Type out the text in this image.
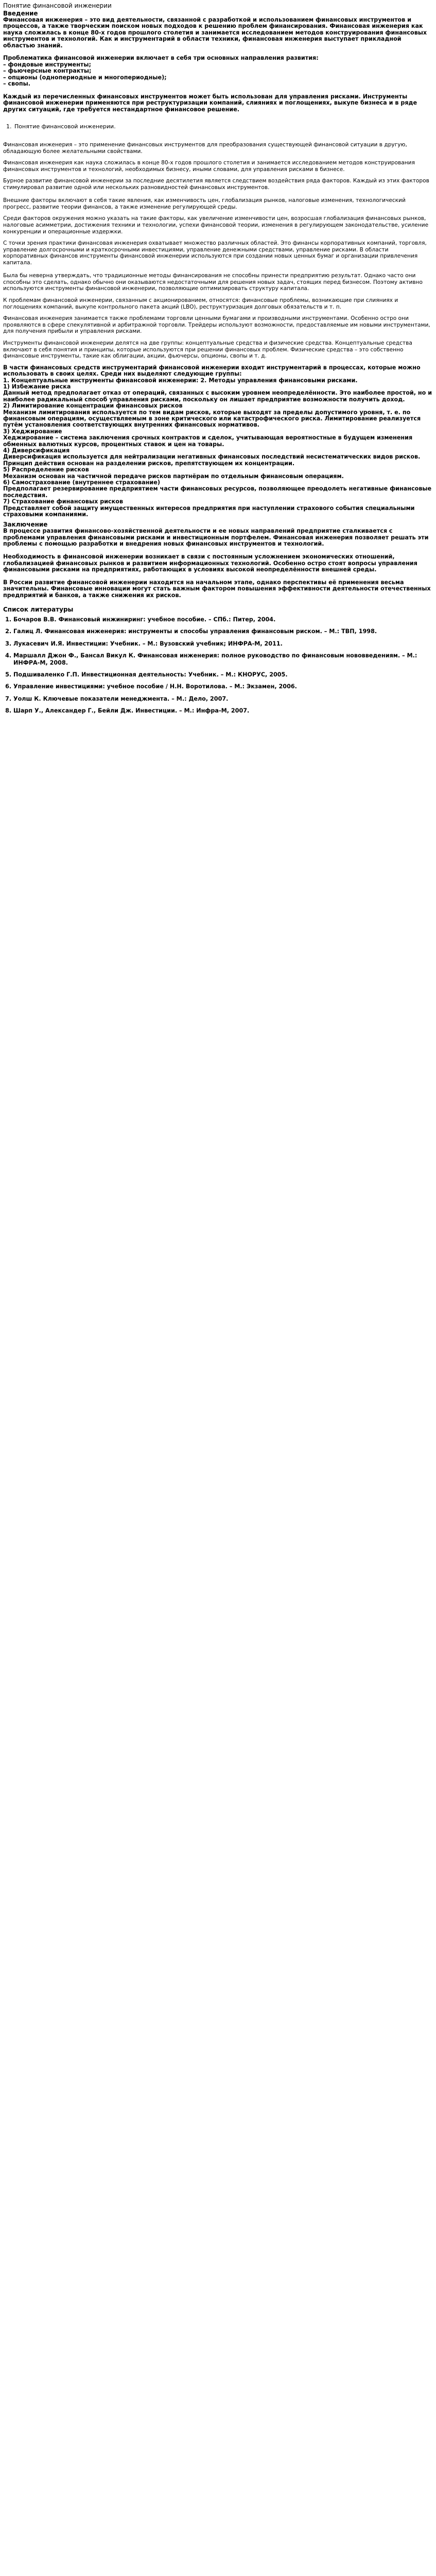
Понятие финансовой инженерии

Введение

Финансовая инженерия – это вид деятельности, связанной с разработкой и использованием финансовых инструментов и процессов, а также творческим поиском новых подходов к решению проблем финансирования. Финансовая инженерия как наука сложилась в конце 80-х годов прошлого столетия и занимается исследованием методов конструирования финансовых инструментов и технологий. Как и инструментарий в области техники, финансовая инженерия выступает прикладной областью знаний.

Проблематика финансовой инженерии включает в себя три основных направления развития:
– фондовые инструменты;
– фьючерсные контракты;
– опционы (однопериодные и многопериодные);
– свопы.

Каждый из перечисленных финансовых инструментов может быть использован для управления рисками. Инструменты финансовой инженерии применяются при реструктуризации компаний, слияниях и поглощениях, выкупе бизнеса и в ряде других ситуаций, где требуется нестандартное финансовое решение.

1. Понятие финансовой инженерии.

Финансовая инженерия – это применение финансовых инструментов для преобразования существующей финансовой ситуации в другую, обладающую более желательными свойствами.

Финансовая инженерия как наука сложилась в конце 80-х годов прошлого столетия и занимается исследованием методов конструирования финансовых инструментов и технологий, необходимых бизнесу, иными словами, для управления рисками в бизнесе.

Бурное развитие финансовой инженерии за последние десятилетия является следствием воздействия ряда факторов. Каждый из этих факторов стимулировал развитие одной или нескольких разновидностей финансовых инструментов.

Внешние факторы включают в себя такие явления, как изменчивость цен, глобализация рынков, налоговые изменения, технологический прогресс, развитие теории финансов, а также изменение регулирующей среды.

Среди факторов окружения можно указать на такие факторы, как увеличение изменчивости цен, возросшая глобализация финансовых рынков, налоговые асимметрии, достижения техники и технологии, успехи финансовой теории, изменения в регулирующем законодательстве, усиление конкуренции и операционные издержки.

С точки зрения практики финансовая инженерия охватывает множество различных областей. Это финансы корпоративных компаний, торговля, управление долгосрочными и краткосрочными инвестициями, управление денежными средствами, управление рисками. В области корпоративных финансов инструменты финансовой инженерии используются при создании новых ценных бумаг и организации привлечения капитала.

Была бы невернa утверждать, что традиционные методы финансирования не способны принести предприятию результат. Однако часто они способны это сделать, однако обычно они оказываются недостаточными для решения новых задач, стоящих перед бизнесом. Поэтому активно используются инструменты финансовой инженерии, позволяющие оптимизировать структуру капитала.

К проблемам финансовой инженерии, связанным с акционированием, относятся: финансовые проблемы, возникающие при слияниях и поглощениях компаний, выкупе контрольного пакета акций (LBO), реструктуризация долговых обязательств и т. п.

Финансовая инженерия занимается также проблемами торговли ценными бумагами и производными инструментами. Особенно остро они проявляются в сфере спекулятивной и арбитражной торговли. Трейдеры используют возможности, предоставляемые им новыми инструментами, для получения прибыли и управления рисками.

Инструменты финансовой инженерии делятся на две группы: концептуальные средства и физические средства. Концептуальные средства включают в себя понятия и принципы, которые используются при решении финансовых проблем. Физические средства – это собственно финансовые инструменты, такие как облигации, акции, фьючерсы, опционы, свопы и т. д.

В части финансовых средств инструментарий финансовой инженерии входит инструментарий в процессах, которые можно использовать в своих целях. Среди них выделяют следующие группы:
1. Концептуальные инструменты финансовой инженерии: 2. Методы управления финансовыми рисками.
1) Избежание риска
Данный метод предполагает отказ от операций, связанных с высоким уровнем неопределённости. Это наиболее простой, но и наиболее радикальный способ управления рисками, поскольку он лишает предприятие возможности получить доход.
2) Лимитирование концентрации финансовых рисков
Механизм лимитирования используется по тем видам рисков, которые выходят за пределы допустимого уровня, т. е. по финансовым операциям, осуществляемым в зоне критического или катастрофического риска. Лимитирование реализуется путём установления соответствующих внутренних финансовых нормативов.
3) Хеджирование
Хеджирование – система заключения срочных контрактов и сделок, учитывающая вероятностные в будущем изменения обменных валютных курсов, процентных ставок и цен на товары.
4) Диверсификация
Диверсификация используется для нейтрализации негативных финансовых последствий несистематических видов рисков. Принцип действия основан на разделении рисков, препятствующем их концентрации.
5) Распределение рисков
Механизм основан на частичной передаче рисков партнёрам по отдельным финансовым операциям.
6) Самострахование (внутреннее страхование)
Предполагает резервирование предприятием части финансовых ресурсов, позволяющее преодолеть негативные финансовые последствия.
7) Страхование финансовых рисков
Представляет собой защиту имущественных интересов предприятия при наступлении страхового события специальными страховыми компаниями.

Заключение

В процессе развития финансово-хозяйственной деятельности и ее новых направлений предприятие сталкивается с проблемами управления финансовыми рисками и инвестиционным портфелем. Финансовая инженерия позволяет решать эти проблемы с помощью разработки и внедрения новых финансовых инструментов и технологий.

Необходимость в финансовой инженерии возникает в связи с постоянным усложнением экономических отношений, глобализацией финансовых рынков и развитием информационных технологий. Особенно остро стоят вопросы управления финансовыми рисками на предприятиях, работающих в условиях высокой неопределённости внешней среды.

В России развитие финансовой инженерии находится на начальном этапе, однако перспективы её применения весьма значительны. Финансовые инновации могут стать важным фактором повышения эффективности деятельности отечественных предприятий и банков, а также снижения их рисков.

Список литературы

1. Бочаров В.В. Финансовый инжиниринг: учебное пособие. – СПб.: Питер, 2004.
2. Галиц Л. Финансовая инженерия: инструменты и способы управления финансовым риском. – М.: ТВП, 1998.
3. Лукасевич И.Я. Инвестиции: Учебник. – М.: Вузовский учебник; ИНФРА-М, 2011.
4. Маршалл Джон Ф., Бансал Викул К. Финансовая инженерия: полное руководство по финансовым нововведениям. – М.: ИНФРА-М, 2008.
5. Подшиваленко Г.П. Инвестиционная деятельность: Учебник. – М.: КНОРУС, 2005.
6. Управление инвестициями: учебное пособие / Н.Н. Воротилова. – М.: Экзамен, 2006.
7. Уолш К. Ключевые показатели менеджмента. – М.: Дело, 2007.
8. Шарп У., Александер Г., Бейли Дж. Инвестиции. – М.: Инфра-М, 2007.
